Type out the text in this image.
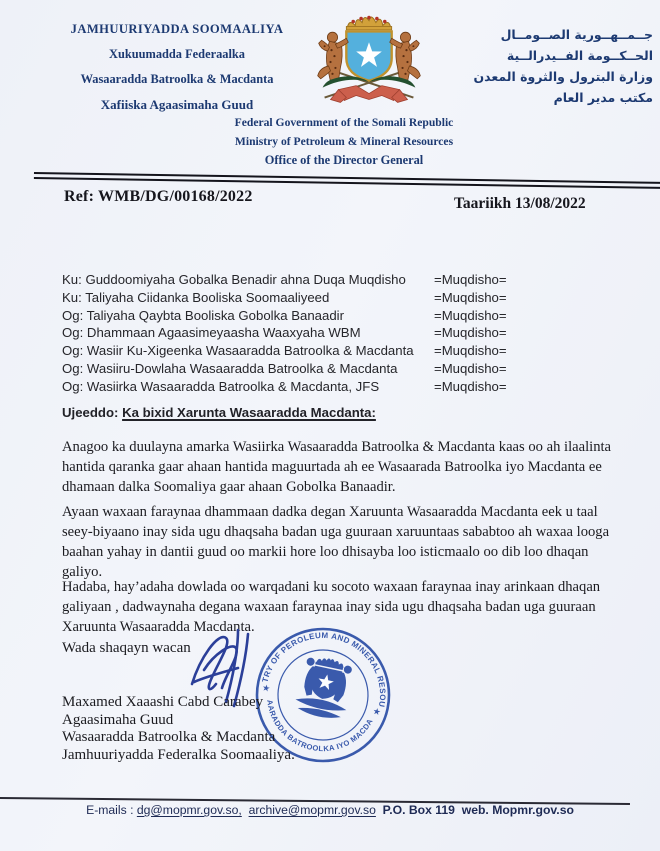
JAMHUURIYADDA SOOMAALIYA
Xukuumadda Federaalka
Wasaaradda Batroolka & Macdanta
Xafiiska Agaasimaha Guud
جــمــهــورية الصــومــال
الحــكــومة الفــيدرالــية
وزارة البترول والثروة المعدن
مكتب مدير العام
Federal Government of the Somali Republic
Ministry of Petroleum & Mineral Resources
Office of the Director General
Ref: WMB/DG/00168/2022	Taariikh 13/08/2022
Ku: Guddoomiyaha Gobalka Benadir ahna Duqa Muqdisho	=Muqdisho=
Ku: Taliyaha Ciidanka Booliska Soomaaliyeed	=Muqdisho=
Og: Taliyaha Qaybta Booliska Gobolka Banaadir	=Muqdisho=
Og: Dhammaan Agaasimeyaasha Waaxyaha WBM	=Muqdisho=
Og: Wasiir Ku-Xigeenka Wasaaradda Batroolka & Macdanta	=Muqdisho=
Og: Wasiiru-Dowlaha Wasaaradda Batroolka & Macdanta	=Muqdisho=
Og: Wasiirka Wasaaradda Batroolka & Macdanta, JFS	=Muqdisho=
Ujeeddo: Ka bixid Xarunta Wasaaradda Macdanta:
Anagoo ka duulayna amarka Wasiirka Wasaaradda Batroolka & Macdanta kaas oo ah ilaalinta hantida qaranka gaar ahaan hantida maguurtada ah ee Wasaarada Batroolka iyo Macdanta ee dhamaan dalka Soomaliya gaar ahaan Gobolka Banaadir.
Ayaan waxaan faraynaa dhammaan dadka degan Xaruunta Wasaaradda Macdanta eek u taal seey-biyaano inay sida ugu dhaqsaha badan uga guuraan xaruuntaas sababtoo ah waxaa looga baahan yahay in dantii guud oo markii hore loo dhisayba loo isticmaalo oo dib loo dhaqan galiyo.
Hadaba, hay’adaha dowlada oo warqadani ku socoto waxaan faraynaa inay arinkaan dhaqan galiyaan , dadwaynaha degana waxaan faraynaa inay sida ugu dhaqsaha badan uga guuraan Xaruunta Wasaaradda Macdanta.
Wada shaqayn wacan
MINISTRY OF PEROLEUM AND MINERAL RESOURCES
WASAARADDA BATROOLKA IYO MACDANTA
★
★
Maxamed Xaaashi Cabd Carabey
Agaasimaha Guud
Wasaaradda Batroolka & Macdanta
Jamhuuriyadda Federalka Soomaaliya.
E-mails : dg@mopmr.gov.so, archive@mopmr.gov.so P.O. Box 119 web. Mopmr.gov.so
